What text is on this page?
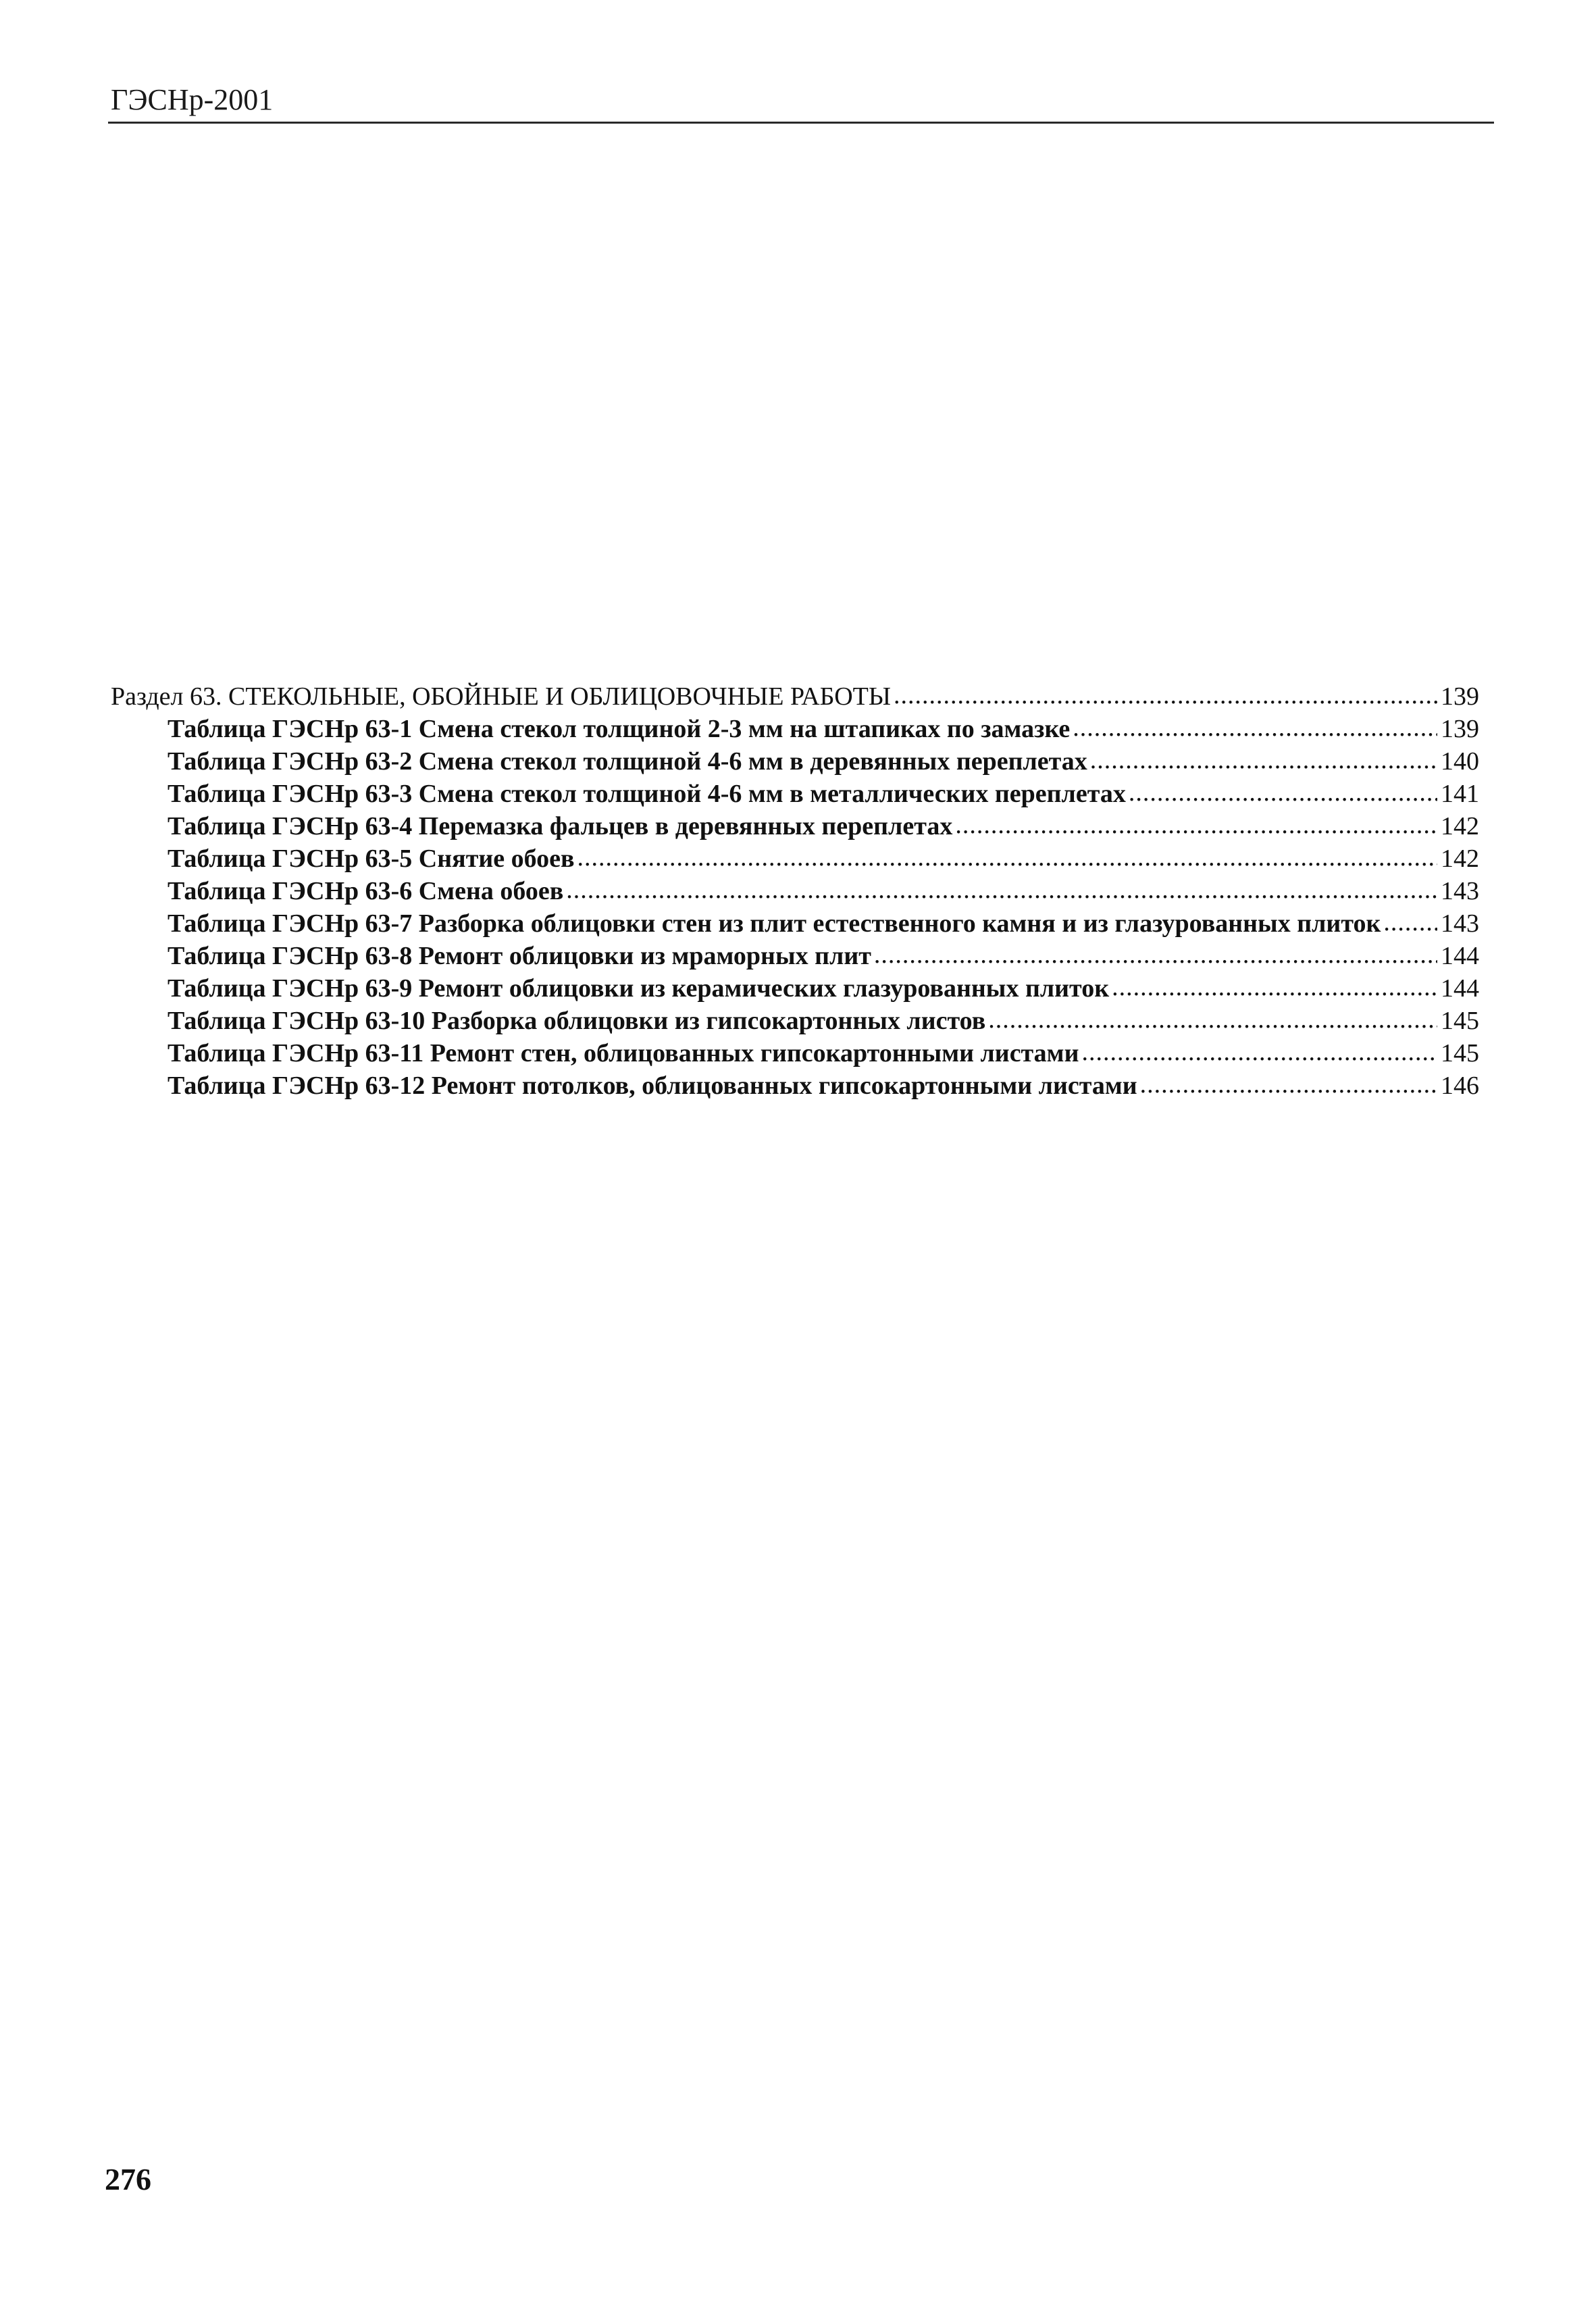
ГЭСНр-2001
Раздел 63. СТЕКОЛЬНЫЕ, ОБОЙНЫЕ И ОБЛИЦОВОЧНЫЕ РАБОТЫ .....	139
Таблица ГЭСНр 63-1 Смена стекол толщиной 2-3 мм на штапиках по замазке .....	139
Таблица ГЭСНр 63-2 Смена стекол толщиной 4-6 мм в деревянных переплетах .....	140
Таблица ГЭСНр 63-3 Смена стекол толщиной 4-6 мм в металлических переплетах .....	141
Таблица ГЭСНр 63-4 Перемазка фальцев в деревянных переплетах .....	142
Таблица ГЭСНр 63-5 Снятие обоев .....	142
Таблица ГЭСНр 63-6 Смена обоев .....	143
Таблица ГЭСНр 63-7 Разборка облицовки стен из плит естественного камня и из глазурованных плиток ..... 143
Таблица ГЭСНр 63-8 Ремонт облицовки из мраморных плит .....	144
Таблица ГЭСНр 63-9 Ремонт облицовки из керамических глазурованных плиток .....	144
Таблица ГЭСНр 63-10 Разборка облицовки из гипсокартонных листов .....	145
Таблица ГЭСНр 63-11 Ремонт стен, облицованных гипсокартонными листами .....	145
Таблица ГЭСНр 63-12 Ремонт потолков, облицованных гипсокартонными листами .....	146
276
